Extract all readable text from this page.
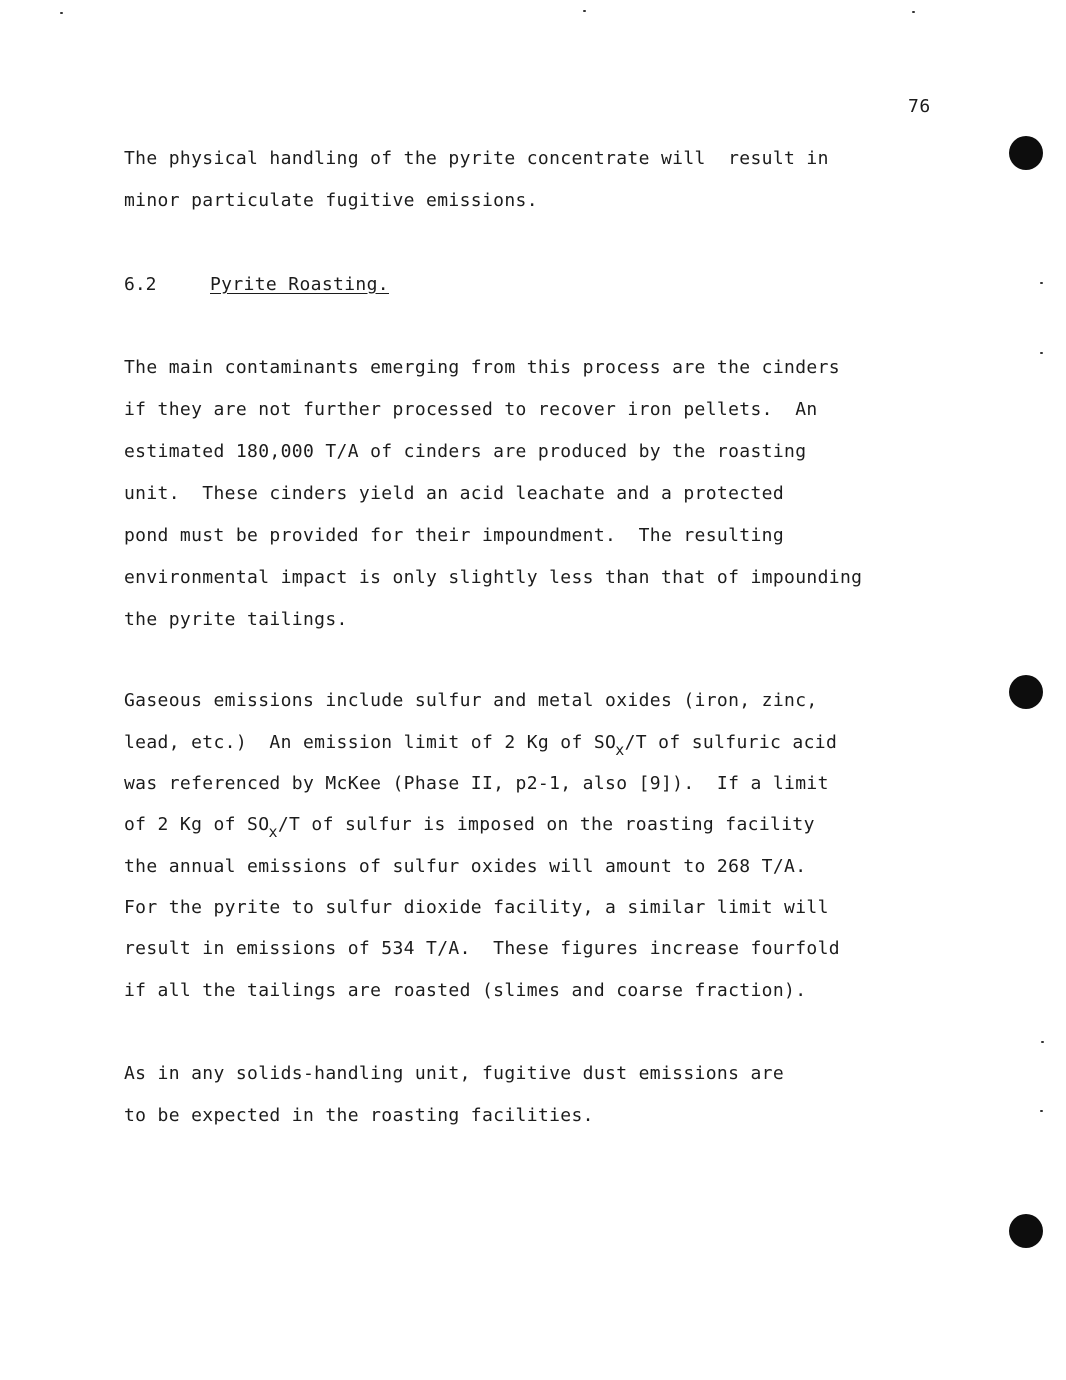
76
The physical handling of the pyrite concentrate will  result in
minor particulate fugitive emissions.
6.2	Pyrite Roasting.
The main contaminants emerging from this process are the cinders
if they are not further processed to recover iron pellets.  An
estimated 180,000 T/A of cinders are produced by the roasting
unit.  These cinders yield an acid leachate and a protected
pond must be provided for their impoundment.  The resulting
environmental impact is only slightly less than that of impounding
the pyrite tailings.
Gaseous emissions include sulfur and metal oxides (iron, zinc,
lead, etc.)  An emission limit of 2 Kg of $SO_x/T$ of sulfuric acid
was referenced by McKee (Phase II, p2-1, also [9]).  If a limit
of 2 Kg of $SO_x/T$ of sulfur is imposed on the roasting facility
the annual emissions of sulfur oxides will amount to 268 T/A.
For the pyrite to sulfur dioxide facility, a similar limit will
result in emissions of 534 T/A.  These figures increase fourfold
if all the tailings are roasted (slimes and coarse fraction).
As in any solids-handling unit, fugitive dust emissions are
to be expected in the roasting facilities.
